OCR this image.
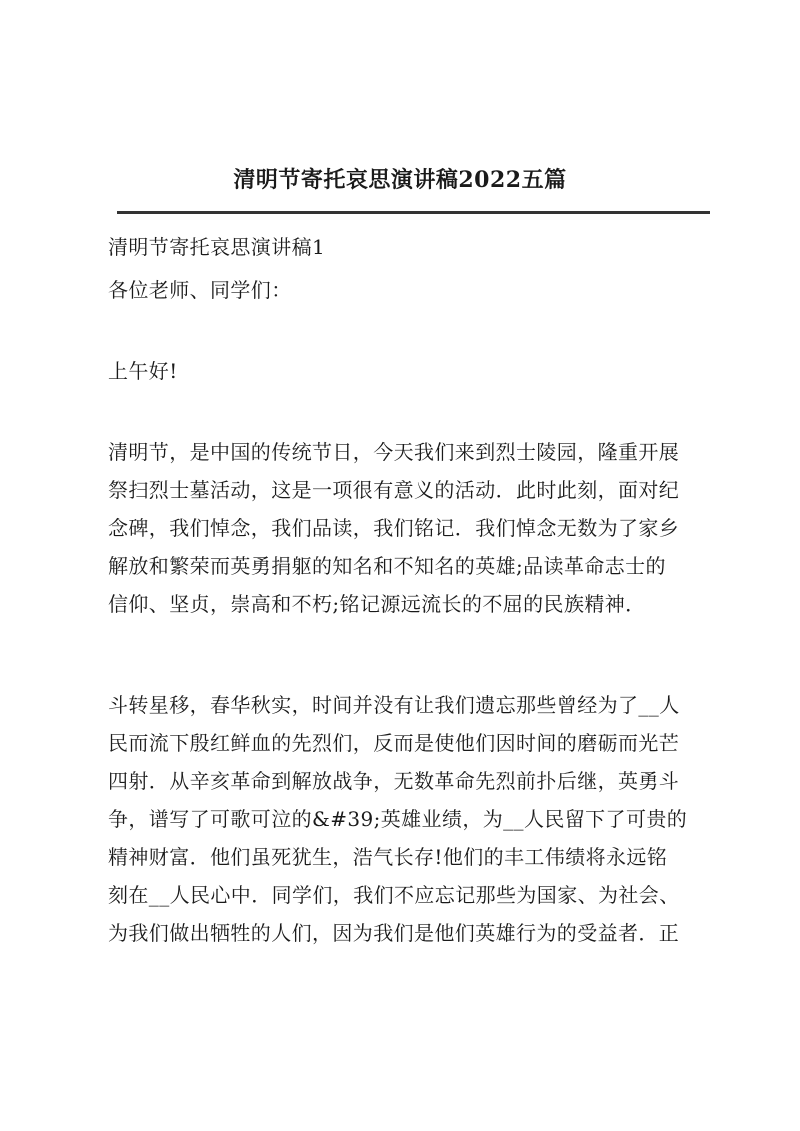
清明节寄托哀思演讲稿2022五篇
清明节寄托哀思演讲稿1
各位老师、同学们：
上午好!
清明节，是中国的传统节日，今天我们来到烈士陵园，隆重开展
祭扫烈士墓活动，这是一项很有意义的活动．此时此刻，面对纪
念碑，我们悼念，我们品读，我们铭记．我们悼念无数为了家乡
解放和繁荣而英勇捐躯的知名和不知名的英雄;品读革命志士的
信仰、坚贞，崇高和不朽;铭记源远流长的不屈的民族精神．
斗转星移，春华秋实，时间并没有让我们遗忘那些曾经为了__人
民而流下殷红鲜血的先烈们，反而是使他们因时间的磨砺而光芒
四射．从辛亥革命到解放战争，无数革命先烈前扑后继，英勇斗
争，谱写了可歌可泣的&#39;英雄业绩，为__人民留下了可贵的
精神财富．他们虽死犹生，浩气长存!他们的丰工伟绩将永远铭
刻在__人民心中．同学们，我们不应忘记那些为国家、为社会、
为我们做出牺牲的人们，因为我们是他们英雄行为的受益者．正
